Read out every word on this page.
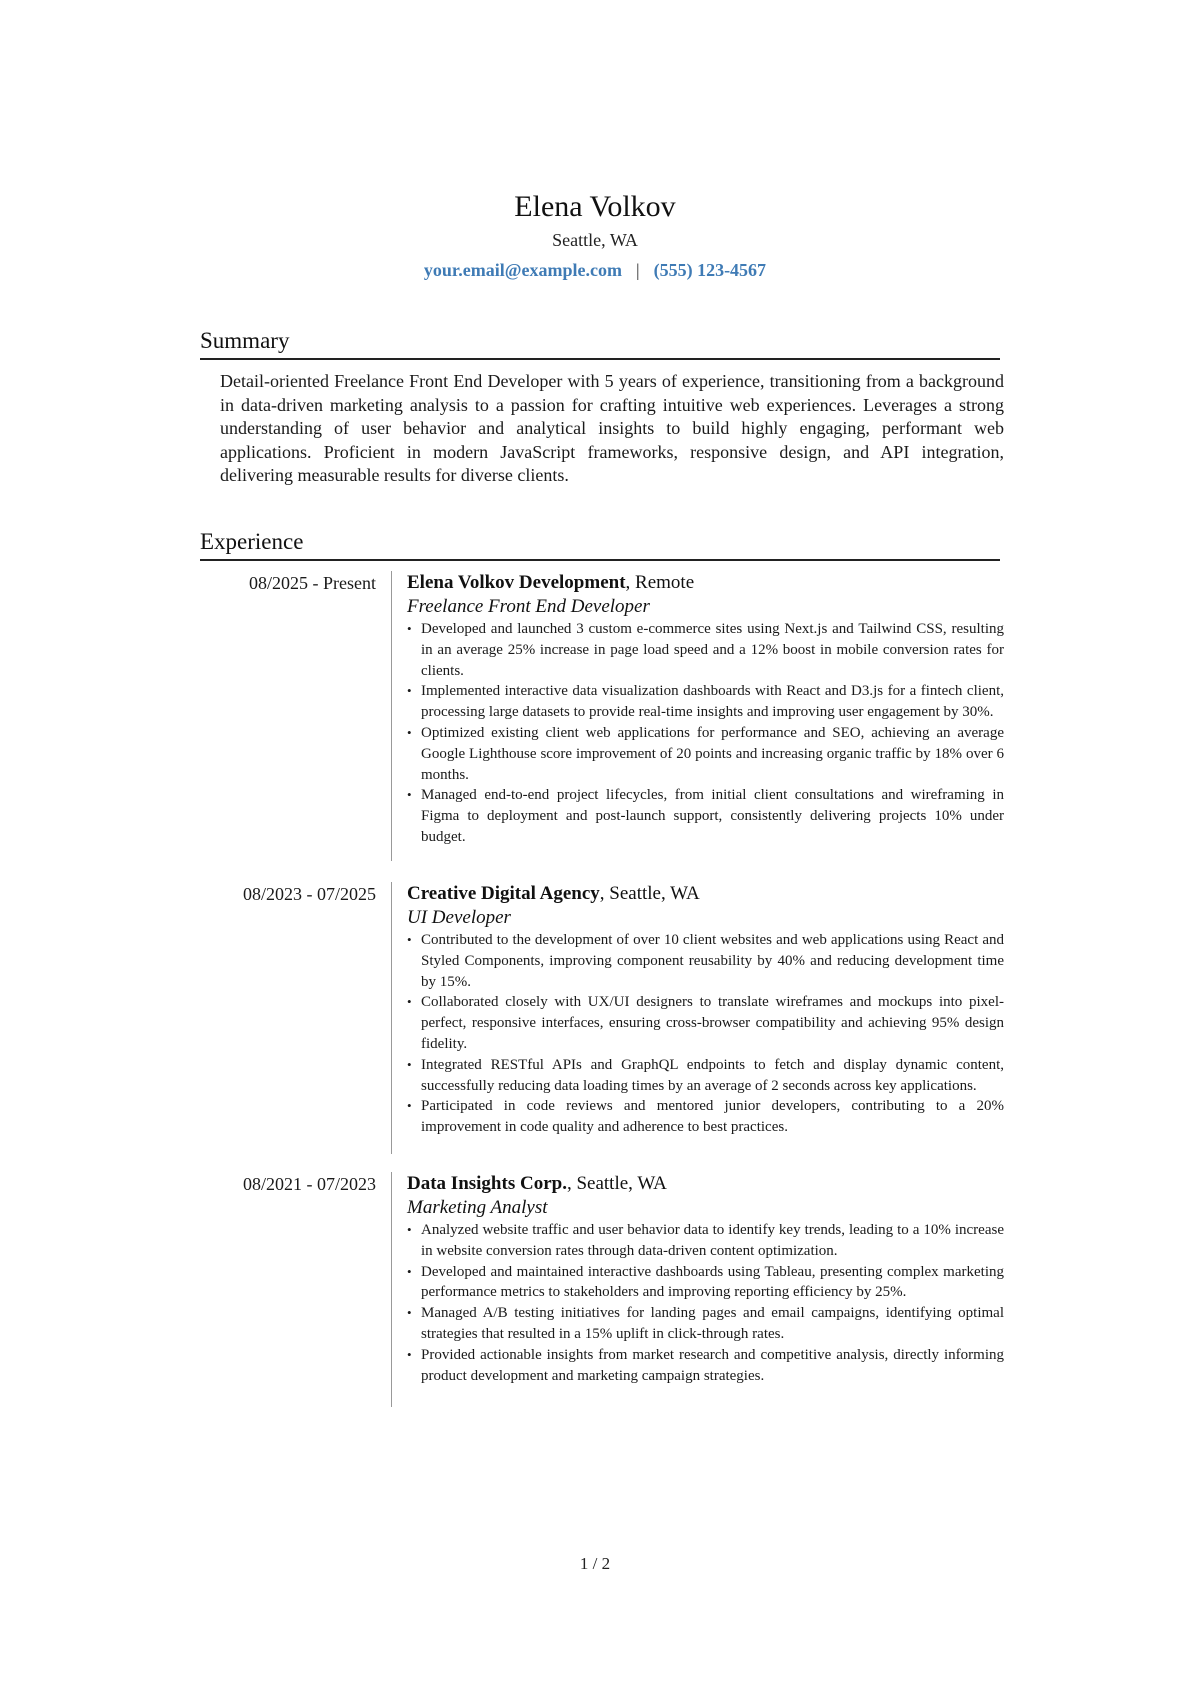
Elena Volkov
Seattle, WA
your.email@example.com | (555) 123-4567
Summary
Detail-oriented Freelance Front End Developer with 5 years of experience, transitioning from a background in data-driven marketing analysis to a passion for crafting intuitive web experiences. Leverages a strong understanding of user behavior and analytical insights to build highly engaging, performant web applications. Proficient in modern JavaScript frameworks, responsive design, and API integration, delivering measurable results for diverse clients.
Experience
08/2025 - Present Elena Volkov Development, Remote
Freelance Front End Developer
• Developed and launched 3 custom e-commerce sites using Next.js and Tailwind CSS, resulting in an average 25% increase in page load speed and a 12% boost in mobile conversion rates for clients.
• Implemented interactive data visualization dashboards with React and D3.js for a fintech client, processing large datasets to provide real-time insights and improving user engagement by 30%.
• Optimized existing client web applications for performance and SEO, achieving an average Google Lighthouse score improvement of 20 points and increasing organic traffic by 18% over 6 months.
• Managed end-to-end project lifecycles, from initial client consultations and wireframing in Figma to deployment and post-launch support, consistently delivering projects 10% under budget.
08/2023 - 07/2025 Creative Digital Agency, Seattle, WA
UI Developer
• Contributed to the development of over 10 client websites and web applications using React and Styled Components, improving component reusability by 40% and reducing development time by 15%.
• Collaborated closely with UX/UI designers to translate wireframes and mockups into pixel-perfect, responsive interfaces, ensuring cross-browser compatibility and achieving 95% design fidelity.
• Integrated RESTful APIs and GraphQL endpoints to fetch and display dynamic content, successfully reducing data loading times by an average of 2 seconds across key applications.
• Participated in code reviews and mentored junior developers, contributing to a 20% improvement in code quality and adherence to best practices.
08/2021 - 07/2023 Data Insights Corp., Seattle, WA
Marketing Analyst
• Analyzed website traffic and user behavior data to identify key trends, leading to a 10% increase in website conversion rates through data-driven content optimization.
• Developed and maintained interactive dashboards using Tableau, presenting complex marketing performance metrics to stakeholders and improving reporting efficiency by 25%.
• Managed A/B testing initiatives for landing pages and email campaigns, identifying optimal strategies that resulted in a 15% uplift in click-through rates.
• Provided actionable insights from market research and competitive analysis, directly informing product development and marketing campaign strategies.
1 / 2
